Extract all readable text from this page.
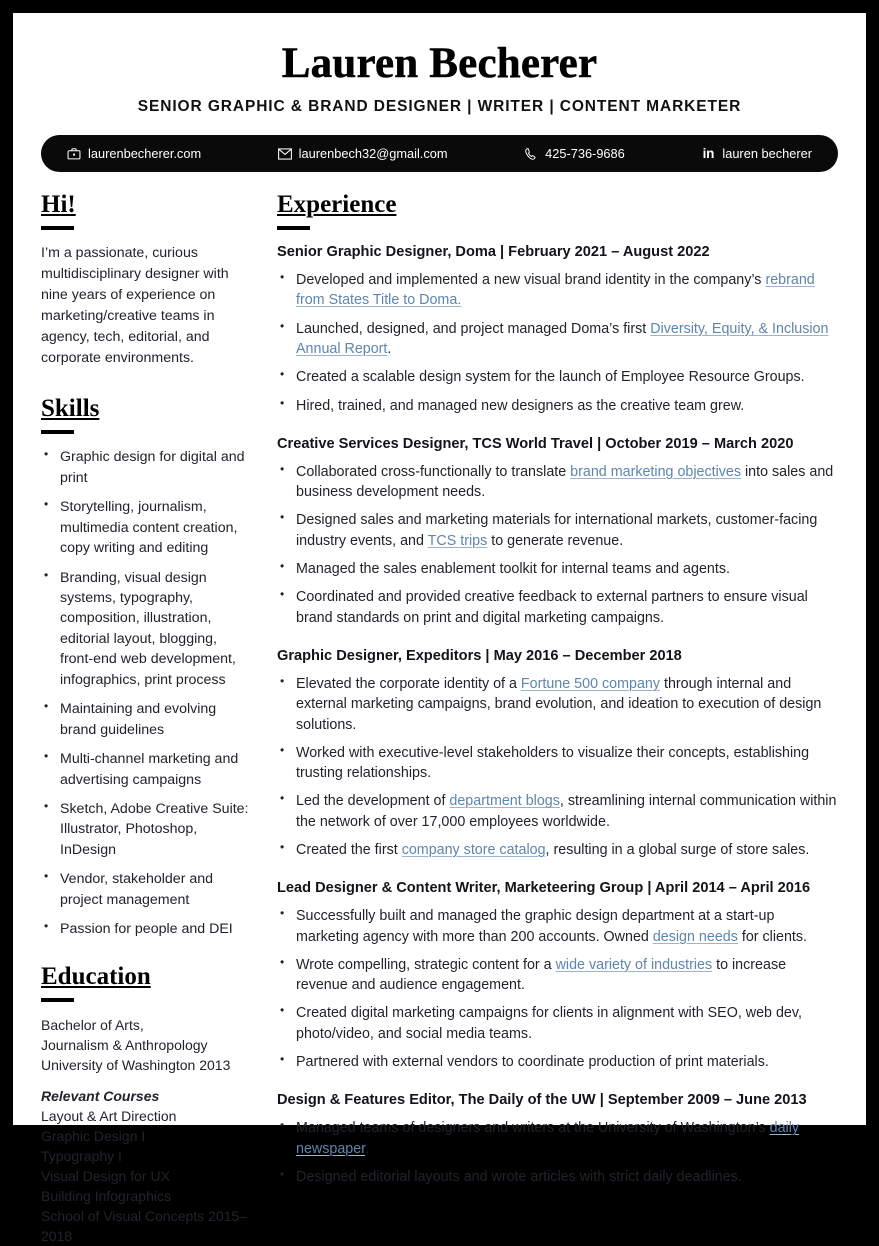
Lauren Becherer
SENIOR GRAPHIC & BRAND DESIGNER | WRITER | CONTENT MARKETER
laurenbecherer.com	laurenbech32@gmail.com	425-736-9686	in lauren becherer
Hi!

I’m a passionate, curious multidisciplinary designer with nine years of experience on marketing/creative teams in agency, tech, editorial, and corporate environments.

Skills
• Graphic design for digital and print
• Storytelling, journalism, multimedia content creation, copy writing and editing
• Branding, visual design systems, typography, composition, illustration, editorial layout, blogging, front-end web development, infographics, print process
• Maintaining and evolving brand guidelines
• Multi-channel marketing and advertising campaigns
• Sketch, Adobe Creative Suite: Illustrator, Photoshop, InDesign
• Vendor, stakeholder and project management
• Passion for people and DEI
Education
Bachelor of Arts,
Journalism & Anthropology
University of Washington 2013
Relevant Courses
Layout & Art Direction
Graphic Design I
Typography I
Visual Design for UX
Building Infographics
School of Visual Concepts 2015–2018
Experience
Senior Graphic Designer, Doma | February 2021 – August 2022
• Developed and implemented a new visual brand identity in the company’s rebrand from States Title to Doma.
• Launched, designed, and project managed Doma’s first Diversity, Equity, & Inclusion Annual Report.
• Created a scalable design system for the launch of Employee Resource Groups.
• Hired, trained, and managed new designers as the creative team grew.
Creative Services Designer, TCS World Travel | October 2019 – March 2020
• Collaborated cross-functionally to translate brand marketing objectives into sales and business development needs.
• Designed sales and marketing materials for international markets, customer-facing industry events, and TCS trips to generate revenue.
• Managed the sales enablement toolkit for internal teams and agents.
• Coordinated and provided creative feedback to external partners to ensure visual brand standards on print and digital marketing campaigns.
Graphic Designer, Expeditors | May 2016 – December 2018
• Elevated the corporate identity of a Fortune 500 company through internal and external marketing campaigns, brand evolution, and ideation to execution of design solutions.
• Worked with executive-level stakeholders to visualize their concepts, establishing trusting relationships.
• Led the development of department blogs, streamlining internal communication within the network of over 17,000 employees worldwide.
• Created the first company store catalog, resulting in a global surge of store sales.
Lead Designer & Content Writer, Marketeering Group | April 2014 – April 2016
• Successfully built and managed the graphic design department at a start-up marketing agency with more than 200 accounts. Owned design needs for clients.
• Wrote compelling, strategic content for a wide variety of industries to increase revenue and audience engagement.
• Created digital marketing campaigns for clients in alignment with SEO, web dev, photo/video, and social media teams.
• Partnered with external vendors to coordinate production of print materials.
Design & Features Editor, The Daily of the UW | September 2009 – June 2013
• Managed teams of designers and writers at the University of Washington’s daily newspaper.
• Designed editorial layouts and wrote articles with strict daily deadlines.
